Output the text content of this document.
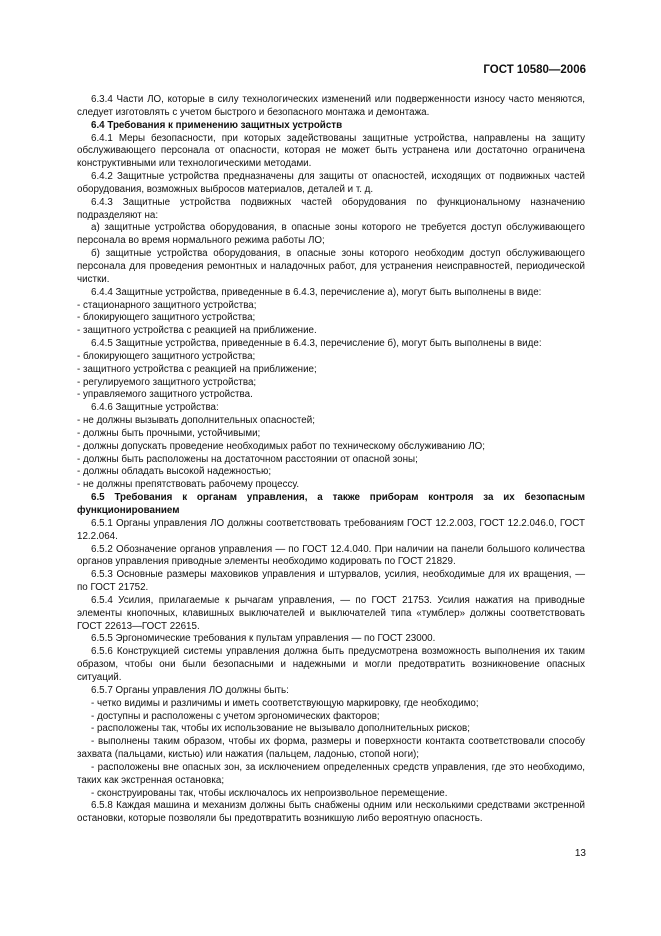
ГОСТ 10580—2006

6.3.4 Части ЛО, которые в силу технологических изменений или подверженности износу часто меняются, следует изготовлять с учетом быстрого и безопасного монтажа и демонтажа.

6.4 Требования к применению защитных устройств

6.4.1 Меры безопасности, при которых задействованы защитные устройства, направлены на защиту обслуживающего персонала от опасности, которая не может быть устранена или достаточно ограничена конструктивными или технологическими методами.

6.4.2 Защитные устройства предназначены для защиты от опасностей, исходящих от подвижных частей оборудования, возможных выбросов материалов, деталей и т. д.

6.4.3 Защитные устройства подвижных частей оборудования по функциональному назначению подразделяют на:

а) защитные устройства оборудования, в опасные зоны которого не требуется доступ обслуживающего персонала во время нормального режима работы ЛО;

б) защитные устройства оборудования, в опасные зоны которого необходим доступ обслуживающего персонала для проведения ремонтных и наладочных работ, для устранения неисправностей, периодической чистки.

6.4.4 Защитные устройства, приведенные в 6.4.3, перечисление а), могут быть выполнены в виде:

- стационарного защитного устройства;

- блокирующего защитного устройства;

- защитного устройства с реакцией на приближение.

6.4.5 Защитные устройства, приведенные в 6.4.3, перечисление б), могут быть выполнены в виде:

- блокирующего защитного устройства;

- защитного устройства с реакцией на приближение;

- регулируемого защитного устройства;

- управляемого защитного устройства.

6.4.6 Защитные устройства:

- не должны вызывать дополнительных опасностей;

- должны быть прочными, устойчивыми;

- должны допускать проведение необходимых работ по техническому обслуживанию ЛО;

- должны быть расположены на достаточном расстоянии от опасной зоны;

- должны обладать высокой надежностью;

- не должны препятствовать рабочему процессу.

6.5 Требования к органам управления, а также приборам контроля за их безопасным функционированием

6.5.1 Органы управления ЛО должны соответствовать требованиям ГОСТ 12.2.003, ГОСТ 12.2.046.0, ГОСТ 12.2.064.

6.5.2 Обозначение органов управления — по ГОСТ 12.4.040. При наличии на панели большого количества органов управления приводные элементы необходимо кодировать по ГОСТ 21829.

6.5.3 Основные размеры маховиков управления и штурвалов, усилия, необходимые для их вращения, — по ГОСТ 21752.

6.5.4 Усилия, прилагаемые к рычагам управления, — по ГОСТ 21753. Усилия нажатия на приводные элементы кнопочных, клавишных выключателей и выключателей типа «тумблер» должны соответствовать ГОСТ 22613—ГОСТ 22615.

6.5.5 Эргономические требования к пультам управления — по ГОСТ 23000.

6.5.6 Конструкцией системы управления должна быть предусмотрена возможность выполнения их таким образом, чтобы они были безопасными и надежными и могли предотвратить возникновение опасных ситуаций.

6.5.7 Органы управления ЛО должны быть:

- четко видимы и различимы и иметь соответствующую маркировку, где необходимо;

- доступны и расположены с учетом эргономических факторов;

- расположены так, чтобы их использование не вызывало дополнительных рисков;

- выполнены таким образом, чтобы их форма, размеры и поверхности контакта соответствовали способу захвата (пальцами, кистью) или нажатия (пальцем, ладонью, стопой ноги);

- расположены вне опасных зон, за исключением определенных средств управления, где это необходимо, таких как экстренная остановка;

- сконструированы так, чтобы исключалось их непроизвольное перемещение.

6.5.8 Каждая машина и механизм должны быть снабжены одним или несколькими средствами экстренной остановки, которые позволяли бы предотвратить возникшую либо вероятную опасность.

13
